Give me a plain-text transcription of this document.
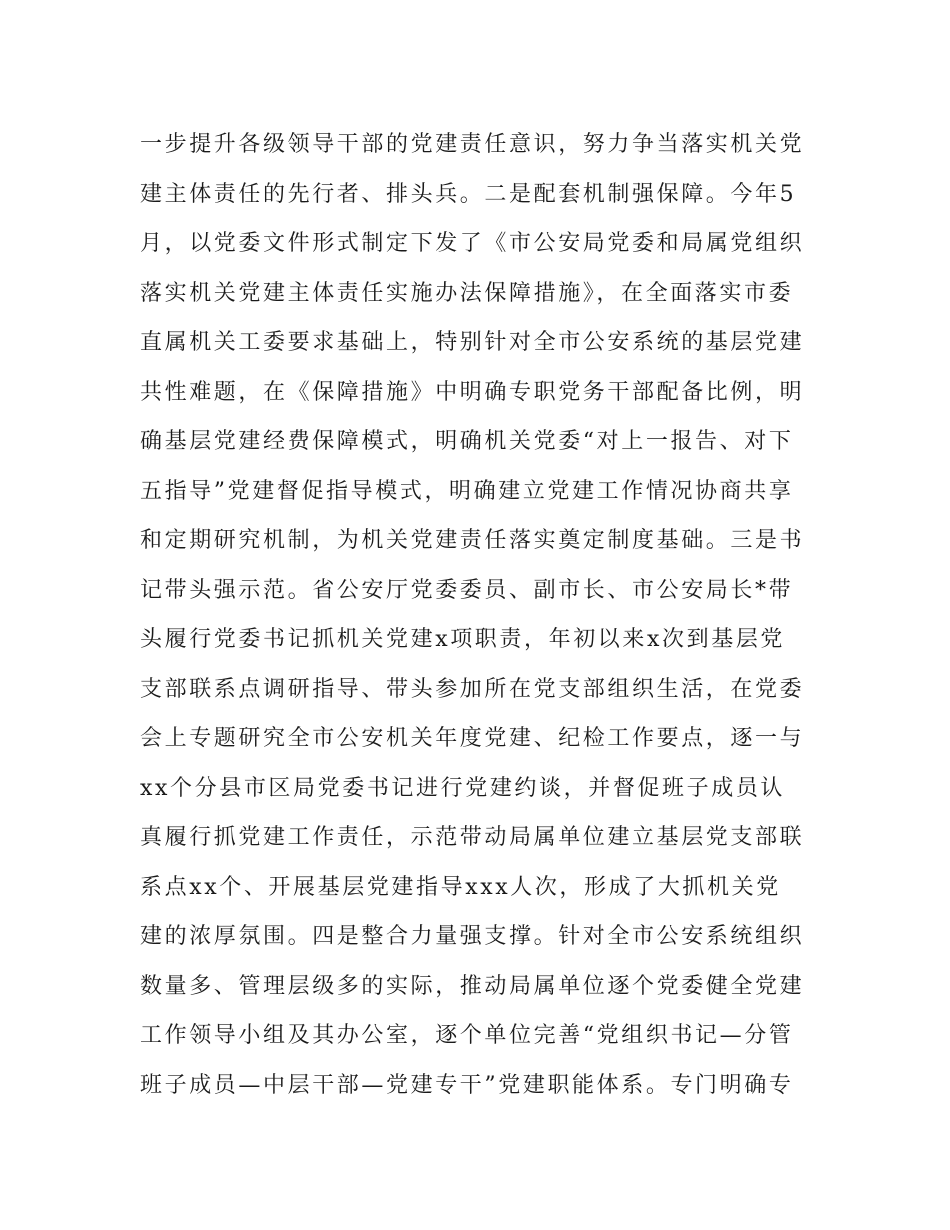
一步提升各级领导干部的党建责任意识，努力争当落实机关党
建主体责任的先行者、排头兵。二是配套机制强保障。今年5
月，以党委文件形式制定下发了《市公安局党委和局属党组织
落实机关党建主体责任实施办法保障措施》，在全面落实市委
直属机关工委要求基础上，特别针对全市公安系统的基层党建
共性难题，在《保障措施》中明确专职党务干部配备比例，明
确基层党建经费保障模式，明确机关党委“对上一报告、对下
五指导”党建督促指导模式，明确建立党建工作情况协商共享
和定期研究机制，为机关党建责任落实奠定制度基础。三是书
记带头强示范。省公安厅党委委员、副市长、市公安局长*带
头履行党委书记抓机关党建x项职责，年初以来x次到基层党
支部联系点调研指导、带头参加所在党支部组织生活，在党委
会上专题研究全市公安机关年度党建、纪检工作要点，逐一与
xx个分县市区局党委书记进行党建约谈，并督促班子成员认
真履行抓党建工作责任，示范带动局属单位建立基层党支部联
系点xx个、开展基层党建指导xxx人次，形成了大抓机关党
建的浓厚氛围。四是整合力量强支撑。针对全市公安系统组织
数量多、管理层级多的实际，推动局属单位逐个党委健全党建
工作领导小组及其办公室，逐个单位完善“党组织书记—分管
班子成员—中层干部—党建专干”党建职能体系。专门明确专
